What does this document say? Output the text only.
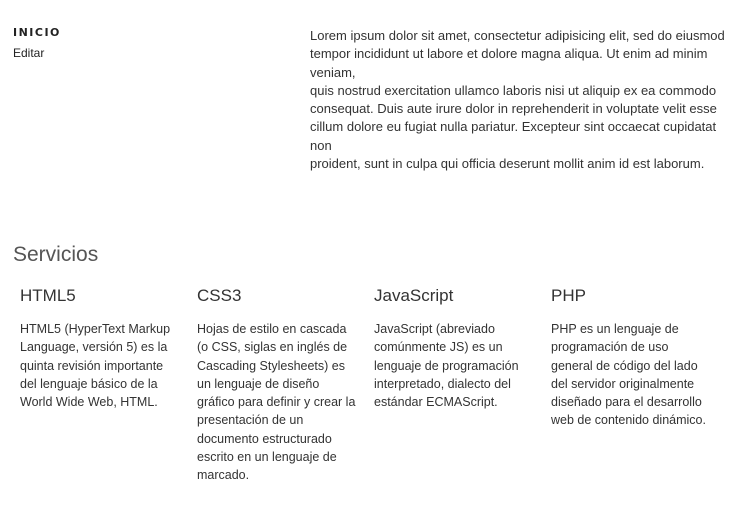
INICIO
Editar
Lorem ipsum dolor sit amet, consectetur adipisicing elit, sed do eiusmod
tempor incididunt ut labore et dolore magna aliqua. Ut enim ad minim veniam,
quis nostrud exercitation ullamco laboris nisi ut aliquip ex ea commodo
consequat. Duis aute irure dolor in reprehenderit in voluptate velit esse
cillum dolore eu fugiat nulla pariatur. Excepteur sint occaecat cupidatat non
proident, sunt in culpa qui officia deserunt mollit anim id est laborum.
Servicios
HTML5

HTML5 (HyperText Markup Language, versión 5) es la quinta revisión importante del lenguaje básico de la World Wide Web, HTML.

CSS3

Hojas de estilo en cascada (o CSS, siglas en inglés de Cascading Stylesheets) es un lenguaje de diseño gráfico para definir y crear la presentación de un documento estructurado escrito en un lenguaje de marcado.

JavaScript

JavaScript (abreviado comúnmente JS) es un lenguaje de programación interpretado, dialecto del estándar ECMAScript.

PHP

PHP es un lenguaje de programación de uso general de código del lado del servidor originalmente diseñado para el desarrollo web de contenido dinámico.
